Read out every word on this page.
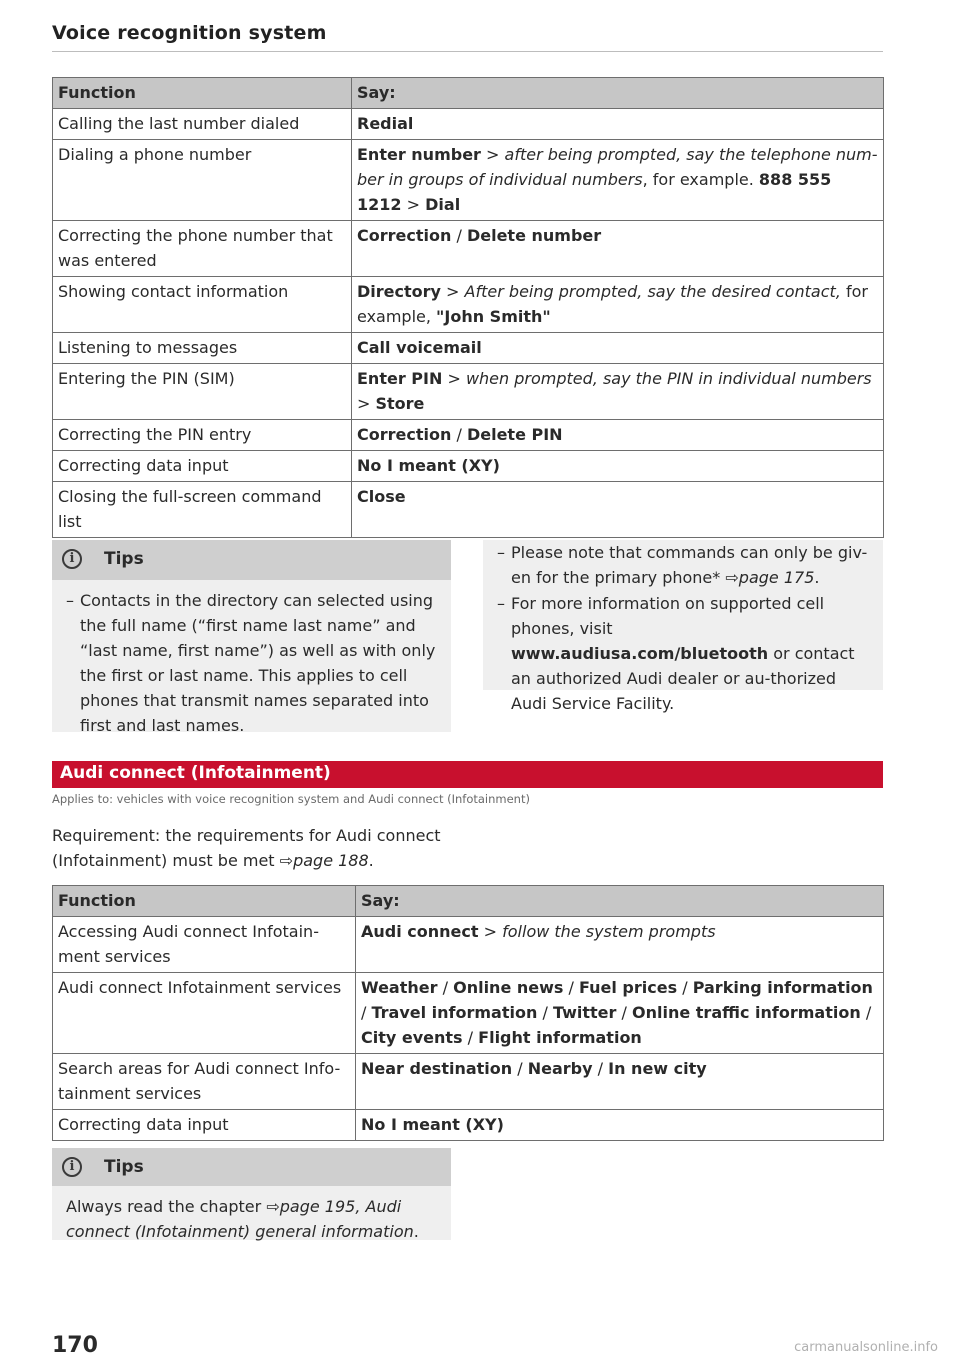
Voice recognition system
Function	Say:
Calling the last number dialed	Redial
Dialing a phone number	Enter number > after being prompted, say the telephone num-ber in groups of individual numbers, for example. 888 555 1212 > Dial
Correcting the phone number that was entered	Correction / Delete number
Showing contact information	Directory > After being prompted, say the desired contact, for example, "John Smith"
Listening to messages	Call voicemail
Entering the PIN (SIM)	Enter PIN > when prompted, say the PIN in individual numbers > Store
Correcting the PIN entry	Correction / Delete PIN
Correcting data input	No I meant (XY)
Closing the full-screen command list	Close
i	Tips
– Contacts in the directory can selected using the full name (“first name last name” and “last name, first name”) as well as with only the first or last name. This applies to cell phones that transmit names separated into first and last names.
– Please note that commands can only be giv-en for the primary phone* ⇨page 175.
– For more information on supported cell phones, visit www.audiusa.com/bluetooth or contact an authorized Audi dealer or au-thorized Audi Service Facility.
Audi connect (Infotainment)
Applies to: vehicles with voice recognition system and Audi connect (Infotainment)
Requirement: the requirements for Audi connect (Infotainment) must be met ⇨page 188.
Function	Say:
Accessing Audi connect Infotain-ment services	Audi connect > follow the system prompts
Audi connect Infotainment services	Weather / Online news / Fuel prices / Parking information / Travel information / Twitter / Online traffic information / City events / Flight information
Search areas for Audi connect Info-tainment services	Near destination / Nearby / In new city
Correcting data input	No I meant (XY)
i	Tips
Always read the chapter ⇨page 195, Audi connect (Infotainment) general information.
170	carmanualsonline.info
